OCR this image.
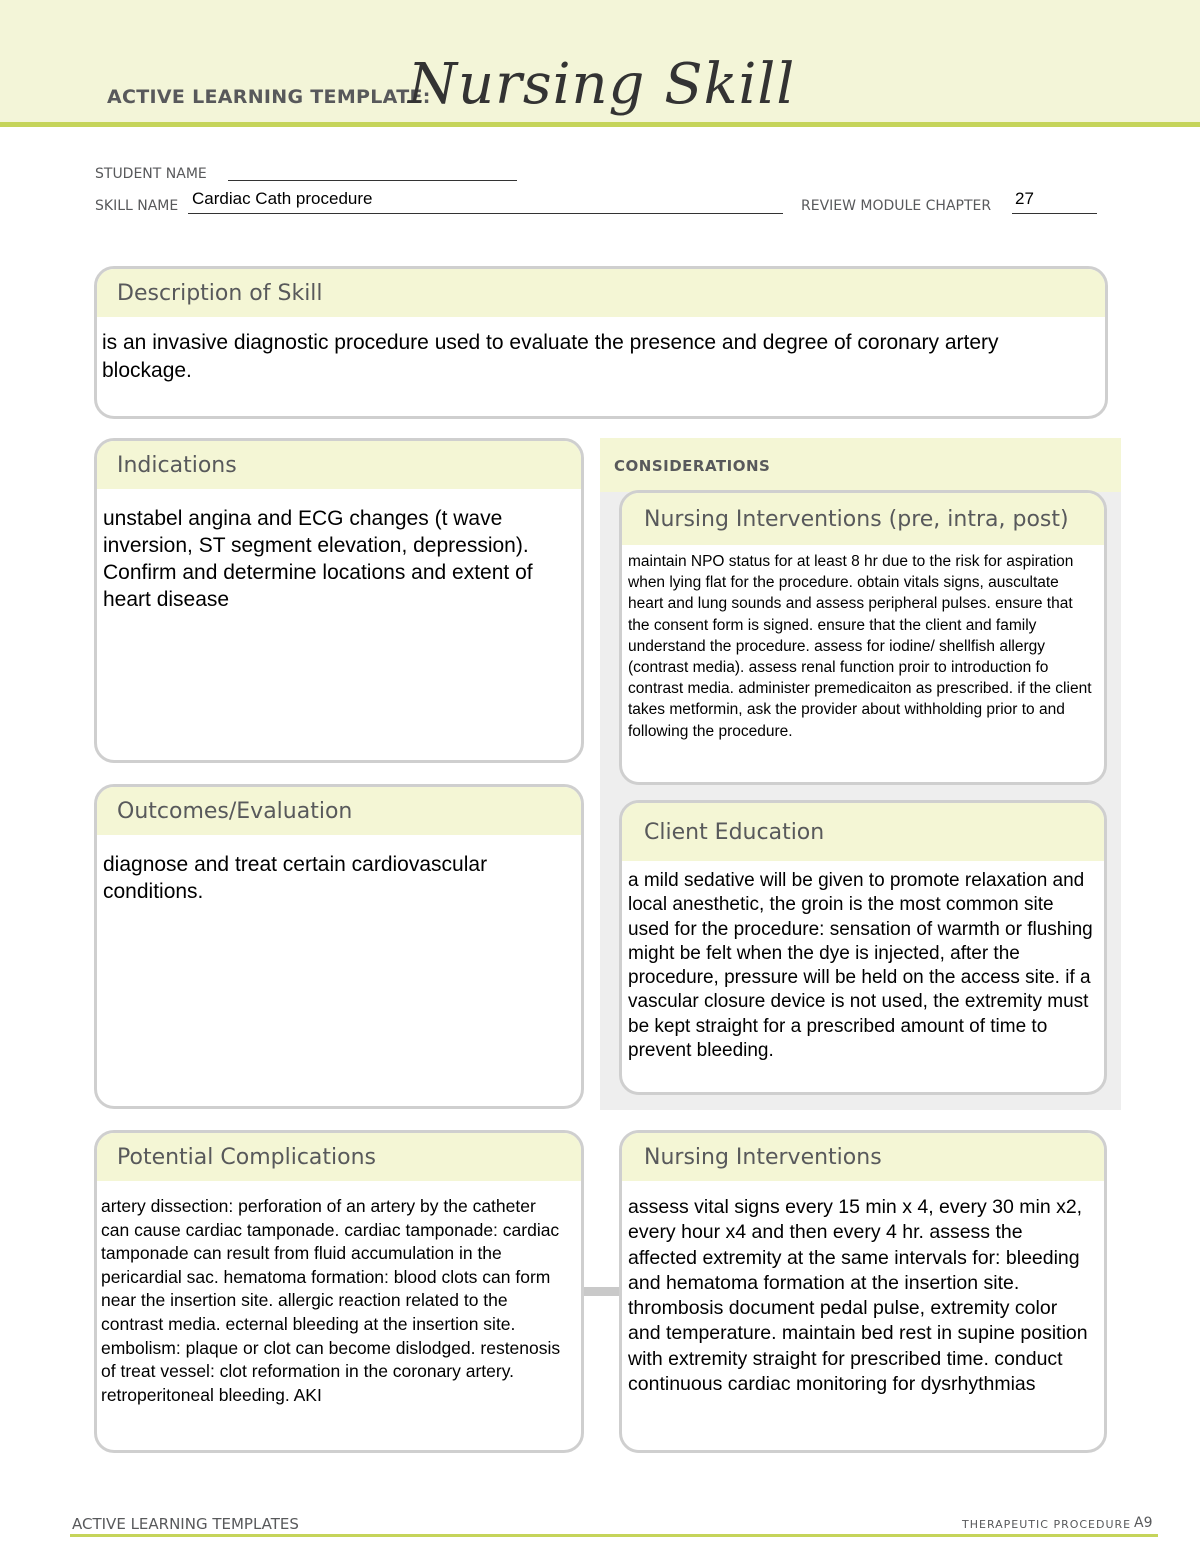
ACTIVE LEARNING TEMPLATE:
Nursing Skill
STUDENT NAME
SKILL NAME Cardiac Cath procedure	REVIEW MODULE CHAPTER 27
Description of Skill
is an invasive diagnostic procedure used to evaluate the presence and degree of coronary artery blockage.
Indications
unstabel angina and ECG changes (t wave inversion, ST segment elevation, depression). Confirm and determine locations and extent of heart disease
Outcomes/Evaluation
diagnose and treat certain cardiovascular conditions.
CONSIDERATIONS
Nursing Interventions (pre, intra, post)
maintain NPO status for at least 8 hr due to the risk for aspiration when lying flat for the procedure. obtain vitals signs, auscultate heart and lung sounds and assess peripheral pulses. ensure that the consent form is signed. ensure that the client and family understand the procedure. assess for iodine/ shellfish allergy (contrast media). assess renal function proir to introduction fo contrast media. administer premedicaiton as prescribed. if the client takes metformin, ask the provider about withholding prior to and following the procedure.
Client Education
a mild sedative will be given to promote relaxation and local anesthetic, the groin is the most common site used for the procedure: sensation of warmth or flushing might be felt when the dye is injected, after the procedure, pressure will be held on the access site. if a vascular closure device is not used, the extremity must be kept straight for a prescribed amount of time to prevent bleeding.
Potential Complications
artery dissection: perforation of an artery by the catheter can cause cardiac tamponade. cardiac tamponade: cardiac tamponade can result from fluid accumulation in the pericardial sac. hematoma formation: blood clots can form near the insertion site. allergic reaction related to the contrast media. ecternal bleeding at the insertion site. embolism: plaque or clot can become dislodged. restenosis of treat vessel: clot reformation in the coronary artery. retroperitoneal bleeding. AKI
Nursing Interventions
assess vital signs every 15 min x 4, every 30 min x2, every hour x4 and then every 4 hr. assess the affected extremity at the same intervals for: bleeding and hematoma formation at the insertion site. thrombosis document pedal pulse, extremity color and temperature. maintain bed rest in supine position with extremity straight for prescribed time. conduct continuous cardiac monitoring for dysrhythmias
ACTIVE LEARNING TEMPLATES	THERAPEUTIC PROCEDURE A9
